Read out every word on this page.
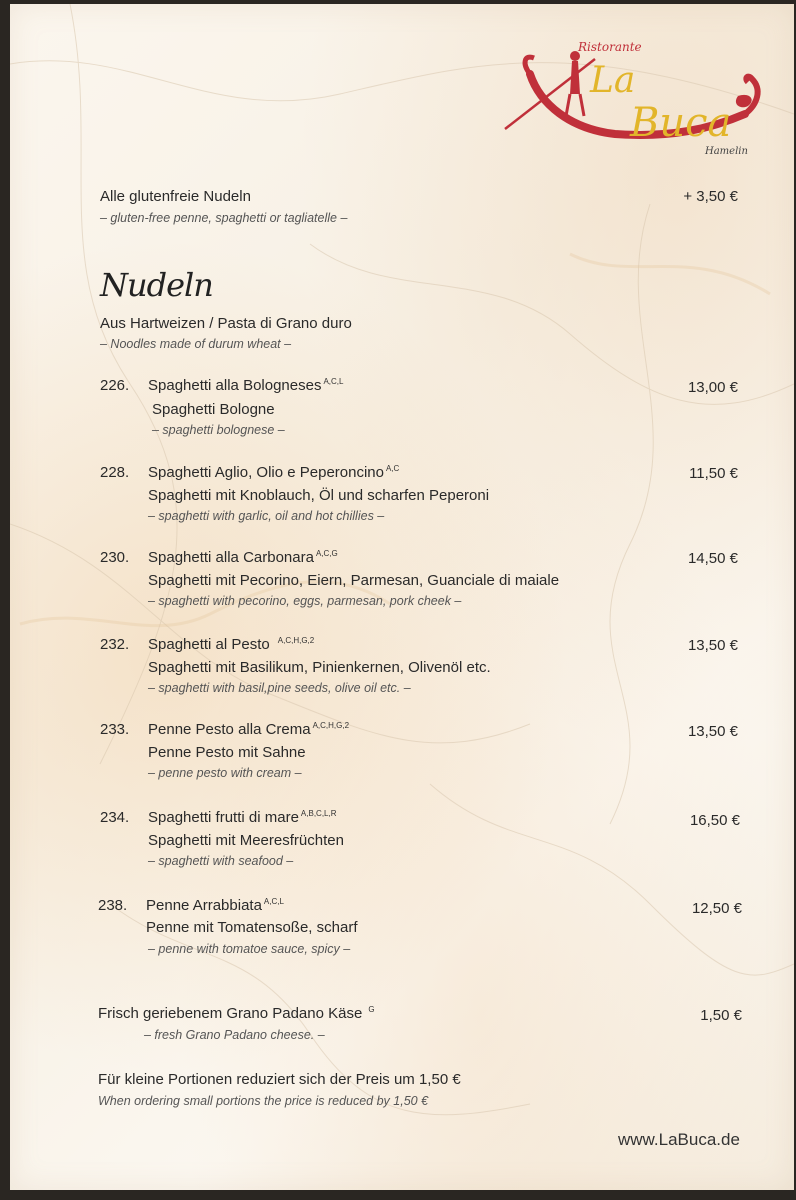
Ristorante
La
Buca
Hamelin
Alle glutenfreie Nudeln
– gluten-free penne, spaghetti or tagliatelle –
+ 3,50 €
Nudeln
Aus Hartweizen / Pasta di Grano duro
– Noodles made of durum wheat –
226. Spaghetti alla Bologneses $^{A,C,L}$
Spaghetti Bologne
– spaghetti bolognese –
13,00 €
228. Spaghetti Aglio, Olio e Peperoncino $^{A,C}$
Spaghetti mit Knoblauch, Öl und scharfen Peperoni
– spaghetti with garlic, oil and hot chillies –
11,50 €
230. Spaghetti alla Carbonara $^{A,C,G}$
Spaghetti mit Pecorino, Eiern, Parmesan, Guanciale di maiale
– spaghetti with pecorino, eggs, parmesan, pork cheek –
14,50 €
232. Spaghetti al Pesto $^{A,C,H,G,2}$
Spaghetti mit Basilikum, Pinienkernen, Olivenöl etc.
– spaghetti with basil,pine seeds, olive oil etc. –
13,50 €
233. Penne Pesto alla Crema $^{A,C,H,G,2}$
Penne Pesto mit Sahne
– penne pesto with cream –
13,50 €
234. Spaghetti frutti di mare $^{A,B,C,L,R}$
Spaghetti mit Meeresfrüchten
– spaghetti with seafood –
16,50 €
238. Penne Arrabbiata $^{A,C,L}$
Penne mit Tomatensoße, scharf
– penne with tomatoe sauce, spicy –
12,50 €
Frisch geriebenem Grano Padano Käse $^G$
– fresh Grano Padano cheese. –
1,50 €
Für kleine Portionen reduziert sich der Preis um 1,50 €
When ordering small portions the price is reduced by 1,50 €
www.LaBuca.de
